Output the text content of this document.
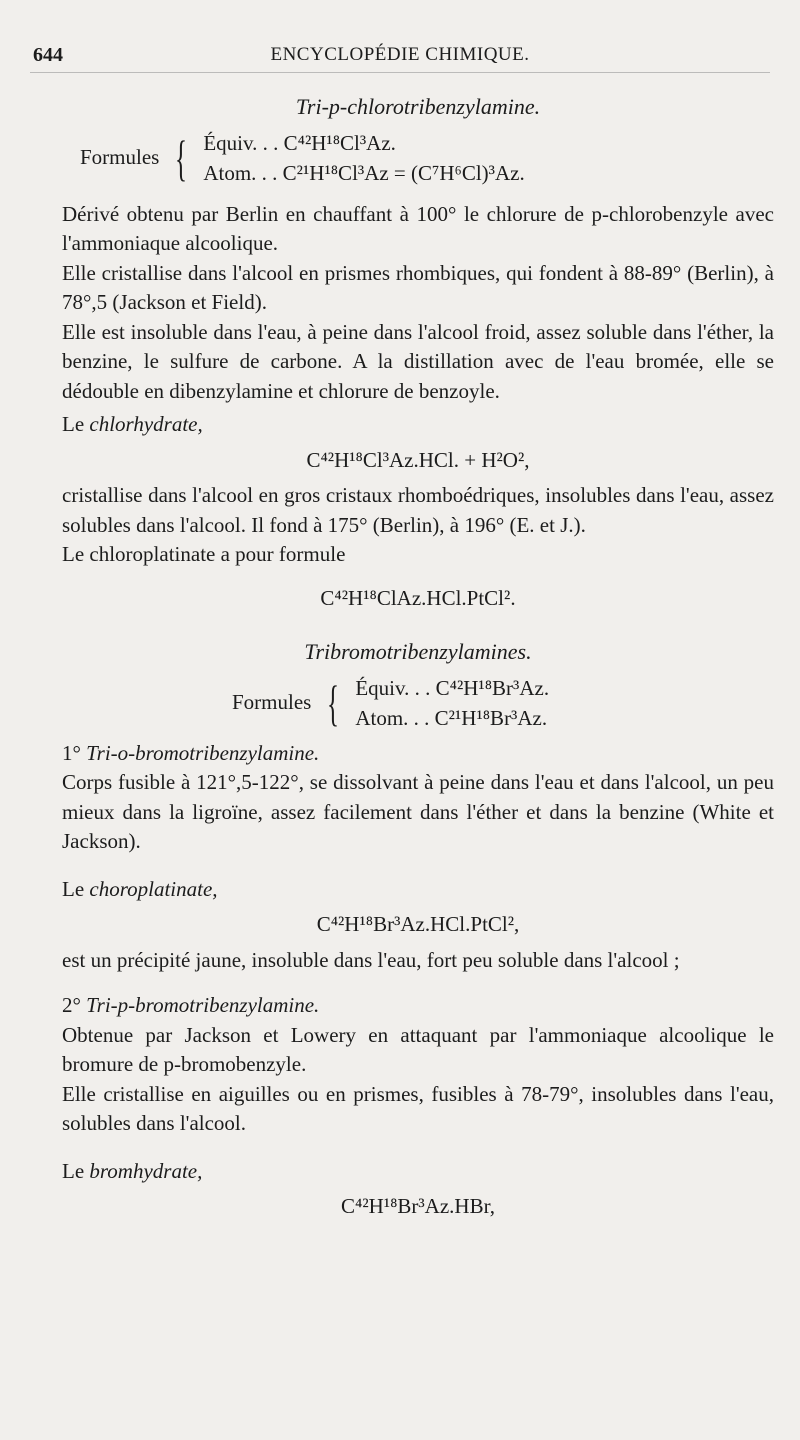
644	ENCYCLOPÉDIE CHIMIQUE.

Tri-p-chlorotribenzylamine.

Formules { Équiv. . . C⁴²H¹⁸Cl³Az.
Atom. . . C²¹H¹⁸Cl³Az = (C⁷H⁶Cl)³Az.

Dérivé obtenu par Berlin en chauffant à 100° le chlorure de p-chlorobenzyle avec l'ammoniaque alcoolique.

Elle cristallise dans l'alcool en prismes rhombiques, qui fondent à 88-89° (Berlin), à 78°,5 (Jackson et Field).

Elle est insoluble dans l'eau, à peine dans l'alcool froid, assez soluble dans l'éther, la benzine, le sulfure de carbone. A la distillation avec de l'eau bromée, elle se dédouble en dibenzylamine et chlorure de benzoyle.

Le chlorhydrate,

C⁴²H¹⁸Cl³Az.HCl. + H²O²,

cristallise dans l'alcool en gros cristaux rhomboédriques, insolubles dans l'eau, assez solubles dans l'alcool. Il fond à 175° (Berlin), à 196° (E. et J.).

Le chloroplatinate a pour formule

C⁴²H¹⁸ClAz.HCl.PtCl².

Tribromotribenzylamines.

Formules { Équiv. . . C⁴²H¹⁸Br³Az.
Atom. . . C²¹H¹⁸Br³Az.

1° Tri-o-bromotribenzylamine.

Corps fusible à 121°,5-122°, se dissolvant à peine dans l'eau et dans l'alcool, un peu mieux dans la ligroïne, assez facilement dans l'éther et dans la benzine (White et Jackson).

Le choroplatinate,

C⁴²H¹⁸Br³Az.HCl.PtCl²,

est un précipité jaune, insoluble dans l'eau, fort peu soluble dans l'alcool ;

2° Tri-p-bromotribenzylamine.

Obtenue par Jackson et Lowery en attaquant par l'ammoniaque alcoolique le bromure de p-bromobenzyle.

Elle cristallise en aiguilles ou en prismes, fusibles à 78-79°, insolubles dans l'eau, solubles dans l'alcool.

Le bromhydrate,

C⁴²H¹⁸Br³Az.HBr,
